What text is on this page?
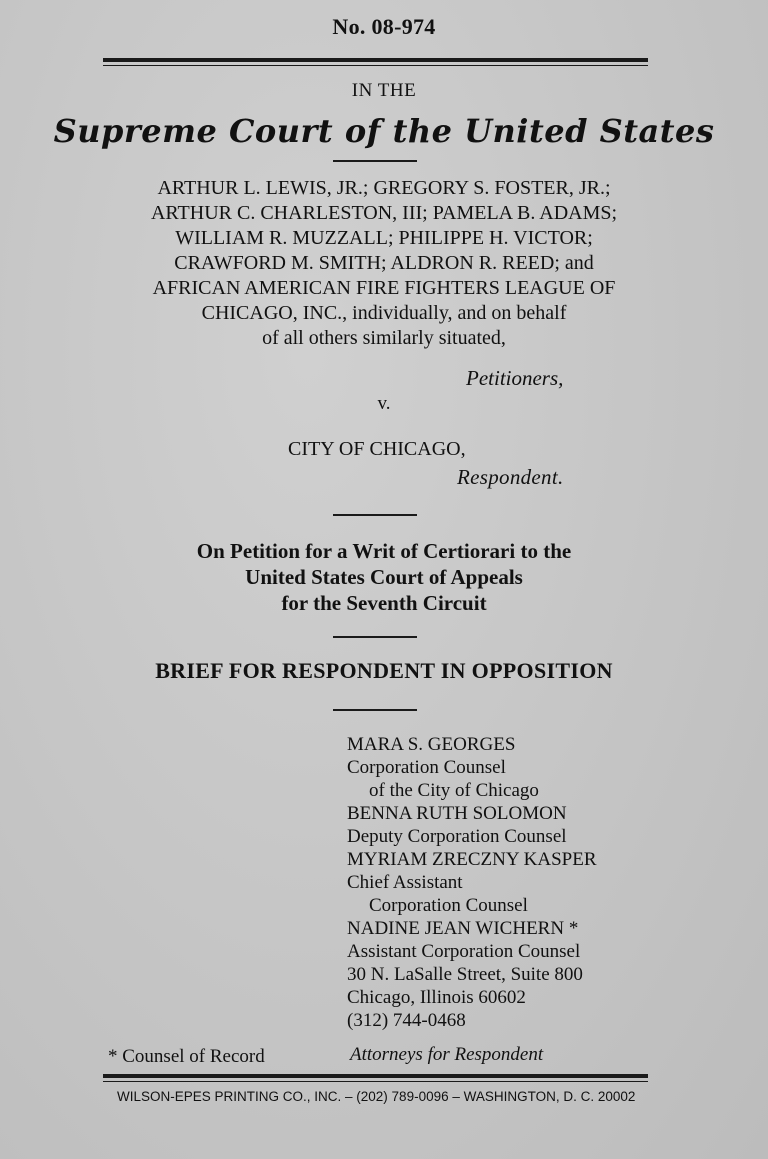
No. 08-974
IN THE
Supreme Court of the United States
ARTHUR L. LEWIS, JR.; GREGORY S. FOSTER, JR.;
ARTHUR C. CHARLESTON, III; PAMELA B. ADAMS;
WILLIAM R. MUZZALL; PHILIPPE H. VICTOR;
CRAWFORD M. SMITH; ALDRON R. REED; and
AFRICAN AMERICAN FIRE FIGHTERS LEAGUE OF
CHICAGO, INC., individually, and on behalf
of all others similarly situated,
Petitioners,
v.
CITY OF CHICAGO,
Respondent.
On Petition for a Writ of Certiorari to the
United States Court of Appeals
for the Seventh Circuit
BRIEF FOR RESPONDENT IN OPPOSITION
MARA S. GEORGES
Corporation Counsel
of the City of Chicago
BENNA RUTH SOLOMON
Deputy Corporation Counsel
MYRIAM ZRECZNY KASPER
Chief Assistant
Corporation Counsel
NADINE JEAN WICHERN *
Assistant Corporation Counsel
30 N. LaSalle Street, Suite 800
Chicago, Illinois 60602
(312) 744-0468
* Counsel of Record	Attorneys for Respondent
WILSON-EPES PRINTING CO., INC. – (202) 789-0096 – WASHINGTON, D. C. 20002
